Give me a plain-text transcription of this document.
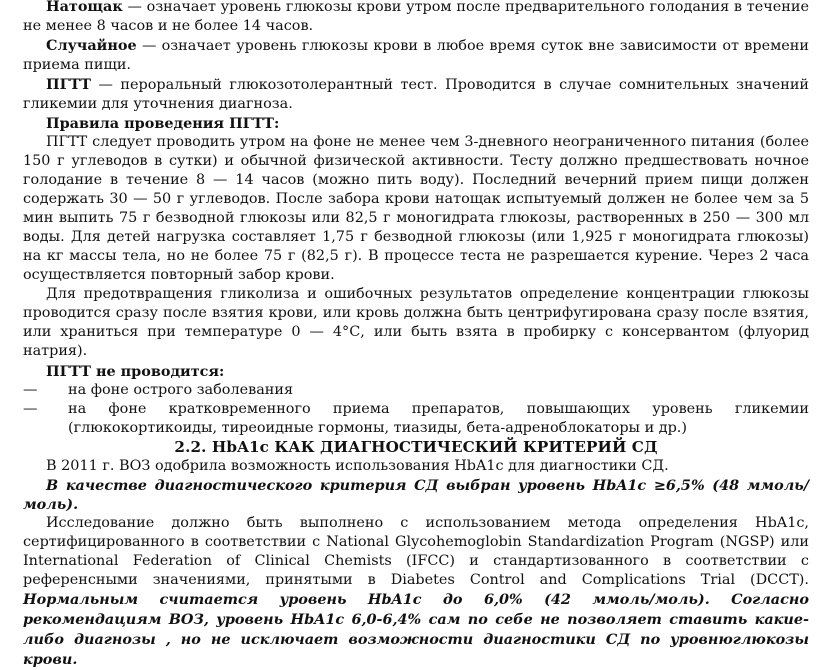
Натощак — означает уровень глюкозы крови утром после предварительного голодания в течение не менее 8 часов и не более 14 часов.

Случайное — означает уровень глюкозы крови в любое время суток вне зависимости от времени приема пищи.

ПГТТ — пероральный глюкозотолерантный тест. Проводится в случае сомнительных значений гликемии для уточнения диагноза.

Правила проведения ПГТТ:

ПГТТ следует проводить утром на фоне не менее чем 3-дневного неограниченного питания (более 150 г углеводов в сутки) и обычной физической активности. Тесту должно предшествовать ночное голодание в течение 8 — 14 часов (можно пить воду). Последний вечерний прием пищи должен содержать 30 — 50 г углеводов. После забора крови натощак испытуемый должен не более чем за 5 мин выпить 75 г безводной глюкозы или 82,5 г моногидрата глюкозы, растворенных в 250 — 300 мл воды. Для детей нагрузка составляет 1,75 г безводной глюкозы (или 1,925 г моногидрата глюкозы) на кг массы тела, но не более 75 г (82,5 г). В процессе теста не разрешается курение. Через 2 часа осуществляется повторный забор крови.

Для предотвращения гликолиза и ошибочных результатов определение концентрации глюкозы проводится сразу после взятия крови, или кровь должна быть центрифугирована сразу после взятия, или храниться при температуре 0 — 4°С, или быть взята в пробирку с консервантом (флуорид натрия).

ПГТТ не проводится:

— на фоне острого заболевания
— на фоне кратковременного приема препаратов, повышающих уровень гликемии (глюкокортикоиды, тиреоидные гормоны, тиазиды, бета-адреноблокаторы и др.)

2.2. HbA1c КАК ДИАГНОСТИЧЕСКИЙ КРИТЕРИЙ СД

В 2011 г. ВОЗ одобрила возможность использования HbA1c для диагностики СД.

В качестве диагностического критерия СД выбран уровень HbA1c ≥6,5% (48 ммоль/моль).

Исследование должно быть выполнено с использованием метода определения HbA1c, сертифицированного в соответствии с National Glycohemoglobin Standardization Program (NGSP) или International Federation of Clinical Chemists (IFCC) и стандартизованного в соответствии с референсными значениями, принятыми в Diabetes Control and Complications Trial (DCCT). Нормальным считается уровень HbA1c до 6,0% (42 ммоль/моль). Согласно рекомендациям ВОЗ, уровень HbA1c 6,0-6,4% сам по себе не позволяет ставить какие-либо диагнозы , но не исключает возможности диагностики СД по уровнюглюкозы крови.
